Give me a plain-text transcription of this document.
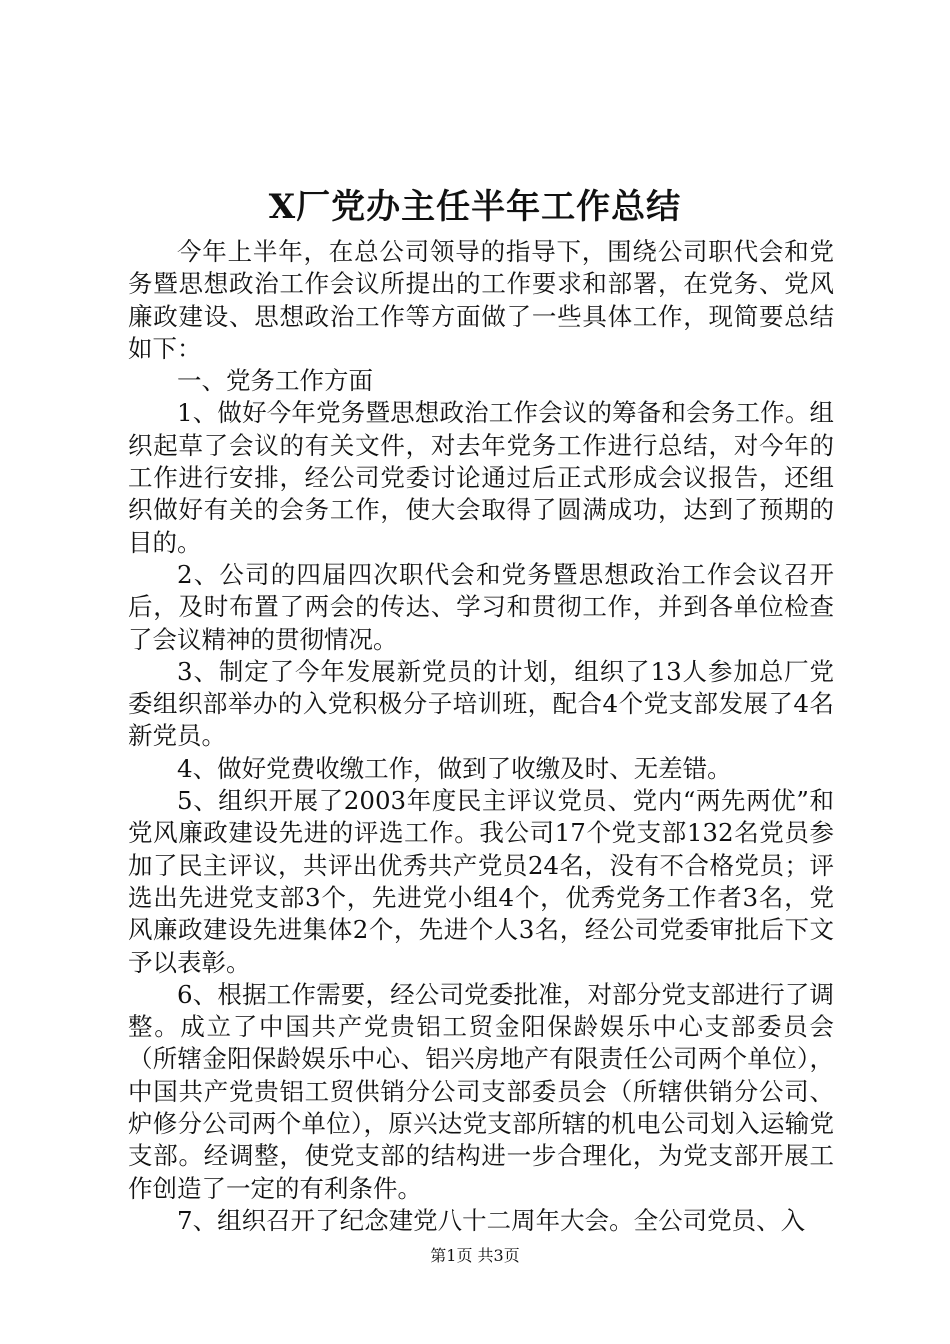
X厂党办主任半年工作总结

今年上半年，在总公司领导的指导下，围绕公司职代会和党务暨思想政治工作会议所提出的工作要求和部署，在党务、党风廉政建设、思想政治工作等方面做了一些具体工作，现简要总结如下：

一、党务工作方面

1、做好今年党务暨思想政治工作会议的筹备和会务工作。组织起草了会议的有关文件，对去年党务工作进行总结，对今年的工作进行安排，经公司党委讨论通过后正式形成会议报告，还组织做好有关的会务工作，使大会取得了圆满成功，达到了预期的目的。

2、公司的四届四次职代会和党务暨思想政治工作会议召开后，及时布置了两会的传达、学习和贯彻工作，并到各单位检查了会议精神的贯彻情况。

3、制定了今年发展新党员的计划，组织了13人参加总厂党委组织部举办的入党积极分子培训班，配合4个党支部发展了4名新党员。

4、做好党费收缴工作，做到了收缴及时、无差错。

5、组织开展了2003年度民主评议党员、党内“两先两优”和党风廉政建设先进的评选工作。我公司17个党支部132名党员参加了民主评议，共评出优秀共产党员24名，没有不合格党员；评选出先进党支部3个，先进党小组4个，优秀党务工作者3名，党风廉政建设先进集体2个，先进个人3名，经公司党委审批后下文予以表彰。

6、根据工作需要，经公司党委批准，对部分党支部进行了调整。成立了中国共产党贵铝工贸金阳保龄娱乐中心支部委员会（所辖金阳保龄娱乐中心、铝兴房地产有限责任公司两个单位），中国共产党贵铝工贸供销分公司支部委员会（所辖供销分公司、炉修分公司两个单位），原兴达党支部所辖的机电公司划入运输党支部。经调整，使党支部的结构进一步合理化，为党支部开展工作创造了一定的有利条件。

7、组织召开了纪念建党八十二周年大会。全公司党员、入

第1页 共3页
